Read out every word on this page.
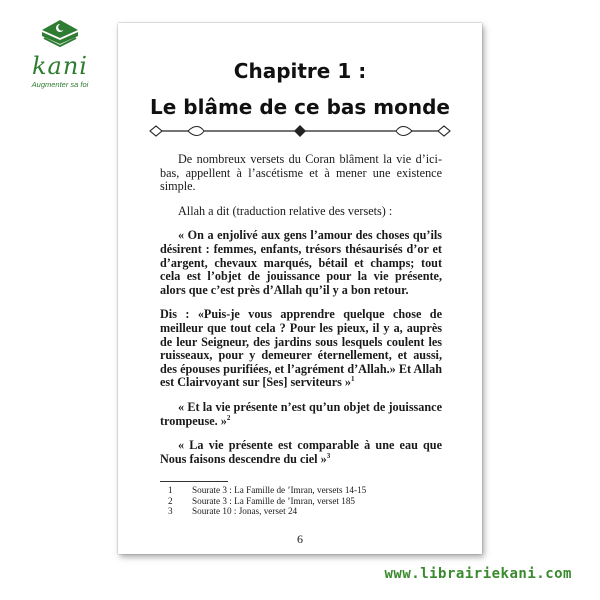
kani
Augmenter sa foi
Chapitre 1 :
Le blâme de ce bas monde

De nombreux versets du Coran blâment la vie d’ici-bas, appellent à l’ascétisme et à mener une existence simple.

Allah a dit (traduction relative des versets) :

« On a enjolivé aux gens l’amour des choses qu’ils désirent : femmes, enfants, trésors thésaurisés d’or et d’argent, chevaux marqués, bétail et champs; tout cela est l’objet de jouissance pour la vie présente, alors que c’est près d’Allah qu’il y a bon retour.

Dis : «Puis-je vous apprendre quelque chose de meilleur que tout cela ? Pour les pieux, il y a, auprès de leur Seigneur, des jardins sous lesquels coulent les ruisseaux, pour y demeurer éternellement, et aussi, des épouses purifiées, et l’agrément d’Allah.» Et Allah est Clairvoyant sur [Ses] serviteurs »$^1$

« Et la vie présente n’est qu’un objet de jouissance trompeuse. »$^2$

« La vie présente est comparable à une eau que Nous faisons descendre du ciel »$^3$

1	Sourate 3 : La Famille de ’Imran, versets 14-15
2	Sourate 3 : La Famille de ’Imran, verset 185
3	Sourate 10 : Jonas, verset 24
6
www.librairiekani.com
